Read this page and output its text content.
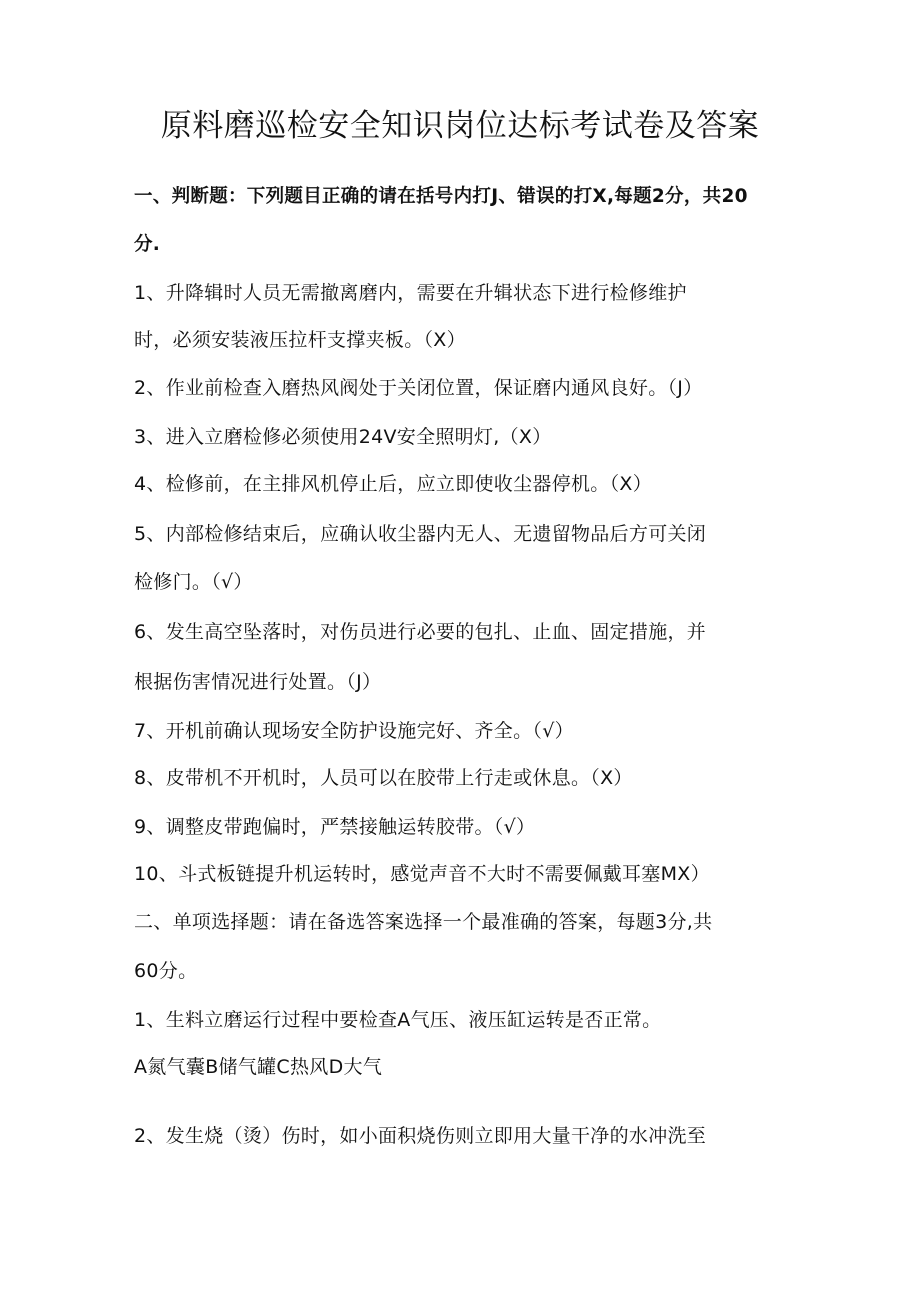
原料磨巡检安全知识岗位达标考试卷及答案
一、判断题：下列题目正确的请在括号内打J、错误的打X,每题2分，共20
分.
1、升降辑时人员无需撤离磨内，需要在升辑状态下进行检修维护
时，必须安装液压拉杆支撑夹板。（X）
2、作业前检查入磨热风阀处于关闭位置，保证磨内通风良好。（J）
3、进入立磨检修必须使用24V安全照明灯,（X）
4、检修前，在主排风机停止后，应立即使收尘器停机。（X）
5、内部检修结束后，应确认收尘器内无人、无遗留物品后方可关闭
检修门。（√）
6、发生高空坠落时，对伤员进行必要的包扎、止血、固定措施，并
根据伤害情况进行处置。（J）
7、开机前确认现场安全防护设施完好、齐全。（√）
8、皮带机不开机时，人员可以在胶带上行走或休息。（X）
9、调整皮带跑偏时，严禁接触运转胶带。（√）
10、斗式板链提升机运转时，感觉声音不大时不需要佩戴耳塞MX）
二、单项选择题：请在备选答案选择一个最准确的答案，每题3分,共
60分。
1、生料立磨运行过程中要检查A气压、液压缸运转是否正常。
A氮气囊B储气罐C热风D大气
2、发生烧（烫）伤时，如小面积烧伤则立即用大量干净的水冲洗至
